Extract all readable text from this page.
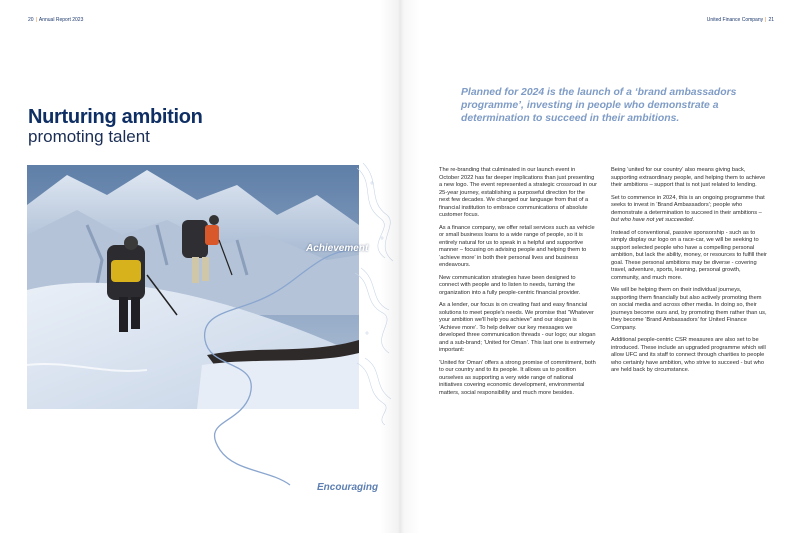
20 | Annual Report 2023
Nurturing ambition
promoting talent
Achievement
Encouraging
United Finance Company | 21
Planned for 2024 is the launch of a ‘brand ambassadors programme’, investing in people who demonstrate a determination to succeed in their ambitions.

The re-branding that culminated in our launch event in October 2022 has far deeper implications than just presenting a new logo. The event represented a strategic crossroad in our 25-year journey, establishing a purposeful direction for the next few decades. We changed our language from that of a financial institution to embrace communications of absolute customer focus.

As a finance company, we offer retail services such as vehicle or small business loans to a wide range of people, so it is entirely natural for us to speak in a helpful and supportive manner – focusing on advising people and helping them to ‘achieve more’ in both their personal lives and business endeavours.

New communication strategies have been designed to connect with people and to listen to needs, turning the organization into a fully people-centric financial provider.

As a lender, our focus is on creating fast and easy financial solutions to meet people's needs. We promise that “Whatever your ambition we'll help you achieve” and our slogan is ‘Achieve more’. To help deliver our key messages we developed three communication threads - our logo; our slogan and a sub-brand; ‘United for Oman’. This last one is extremely important:

‘United for Oman’ offers a strong promise of commitment, both to our country and to its people. It allows us to position ourselves as supporting a very wide range of national initiatives covering economic development, environmental matters, social responsibility and much more besides.

Being ‘united for our country’ also means giving back, supporting extraordinary people, and helping them to achieve their ambitions – support that is not just related to lending.

Set to commence in 2024, this is an ongoing programme that seeks to invest in ‘Brand Ambassadors’; people who demonstrate a determination to succeed in their ambitions – but who have not yet succeeded.

Instead of conventional, passive sponsorship - such as to simply display our logo on a race-car, we will be seeking to support selected people who have a compelling personal ambition, but lack the ability, money, or resources to fulfill their goal. These personal ambitions may be diverse - covering travel, adventure, sports, learning, personal growth, community, and much more.

We will be helping them on their individual journeys, supporting them financially but also actively promoting them on social media and across other media. In doing so, their journeys become ours and, by promoting them rather than us, they become ‘Brand Ambassadors’ for United Finance Company.

Additional people-centric CSR measures are also set to be introduced. These include an upgraded programme which will allow UFC and its staff to connect through charities to people who certainly have ambition, who strive to succeed - but who are held back by circumstance.
